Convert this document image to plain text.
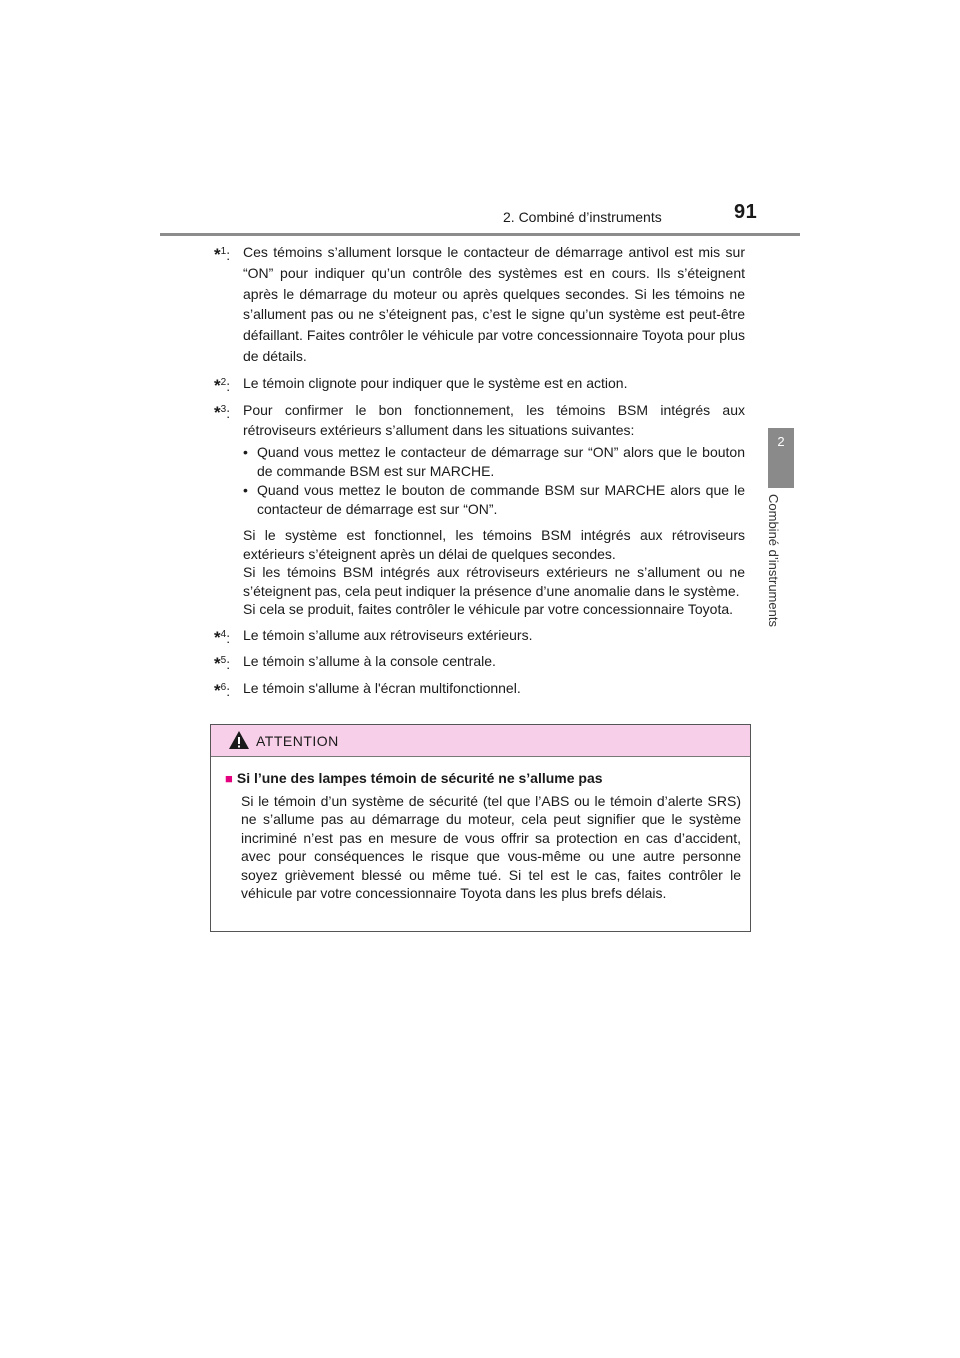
2. Combiné d’instruments	91
2
Combiné d’instruments
*$^1$: Ces témoins s’allument lorsque le contacteur de démarrage antivol est mis sur “ON” pour indiquer qu’un contrôle des systèmes est en cours. Ils s’éteignent après le démarrage du moteur ou après quelques secondes. Si les témoins ne s’allument pas ou ne s’éteignent pas, c’est le signe qu’un système est peut-être défaillant. Faites contrôler le véhicule par votre concessionnaire Toyota pour plus de détails.

*$^2$: Le témoin clignote pour indiquer que le système est en action.

*$^3$: Pour confirmer le bon fonctionnement, les témoins BSM intégrés aux rétroviseurs extérieurs s’allument dans les situations suivantes:

• Quand vous mettez le contacteur de démarrage sur “ON” alors que le bouton de commande BSM est sur MARCHE.
• Quand vous mettez le bouton de commande BSM sur MARCHE alors que le contacteur de démarrage est sur “ON”.

Si le système est fonctionnel, les témoins BSM intégrés aux rétroviseurs extérieurs s’éteignent après un délai de quelques secondes.
Si les témoins BSM intégrés aux rétroviseurs extérieurs ne s’allument ou ne s’éteignent pas, cela peut indiquer la présence d’une anomalie dans le système.
Si cela se produit, faites contrôler le véhicule par votre concessionnaire Toyota.

*$^4$: Le témoin s’allume aux rétroviseurs extérieurs.

*$^5$: Le témoin s’allume à la console centrale.

*$^6$: Le témoin s'allume à l'écran multifonctionnel.

ATTENTION
■ Si l’une des lampes témoin de sécurité ne s’allume pas

Si le témoin d’un système de sécurité (tel que l’ABS ou le témoin d’alerte SRS) ne s’allume pas au démarrage du moteur, cela peut signifier que le système incriminé n’est pas en mesure de vous offrir sa protection en cas d’accident, avec pour conséquences le risque que vous-même ou une autre personne soyez grièvement blessé ou même tué. Si tel est le cas, faites contrôler le véhicule par votre concessionnaire Toyota dans les plus brefs délais.
